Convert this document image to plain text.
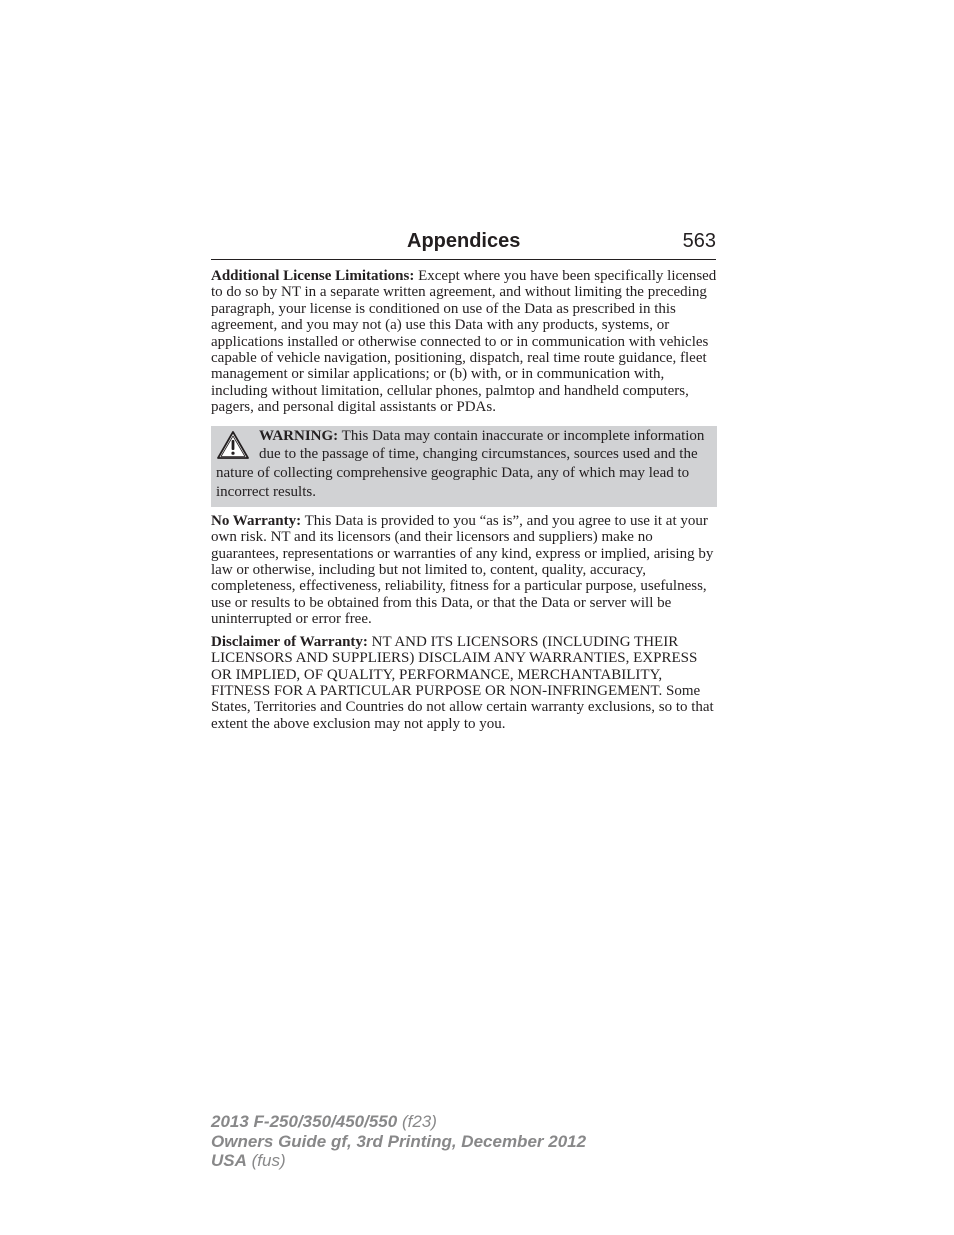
Appendices	563

Additional License Limitations: Except where you have been specifically licensed to do so by NT in a separate written agreement, and without limiting the preceding paragraph, your license is conditioned on use of the Data as prescribed in this agreement, and you may not (a) use this Data with any products, systems, or applications installed or otherwise connected to or in communication with vehicles capable of vehicle navigation, positioning, dispatch, real time route guidance, fleet management or similar applications; or (b) with, or in communication with, including without limitation, cellular phones, palmtop and handheld computers, pagers, and personal digital assistants or PDAs.

WARNING: This Data may contain inaccurate or incomplete information due to the passage of time, changing circumstances, sources used and the nature of collecting comprehensive geographic Data, any of which may lead to incorrect results.

No Warranty: This Data is provided to you “as is”, and you agree to use it at your own risk. NT and its licensors (and their licensors and suppliers) make no guarantees, representations or warranties of any kind, express or implied, arising by law or otherwise, including but not limited to, content, quality, accuracy, completeness, effectiveness, reliability, fitness for a particular purpose, usefulness, use or results to be obtained from this Data, or that the Data or server will be uninterrupted or error free.

Disclaimer of Warranty: NT AND ITS LICENSORS (INCLUDING THEIR LICENSORS AND SUPPLIERS) DISCLAIM ANY WARRANTIES, EXPRESS OR IMPLIED, OF QUALITY, PERFORMANCE, MERCHANTABILITY, FITNESS FOR A PARTICULAR PURPOSE OR NON-INFRINGEMENT. Some States, Territories and Countries do not allow certain warranty exclusions, so to that extent the above exclusion may not apply to you.

2013 F-250/350/450/550 (f23)
Owners Guide gf, 3rd Printing, December 2012
USA (fus)
